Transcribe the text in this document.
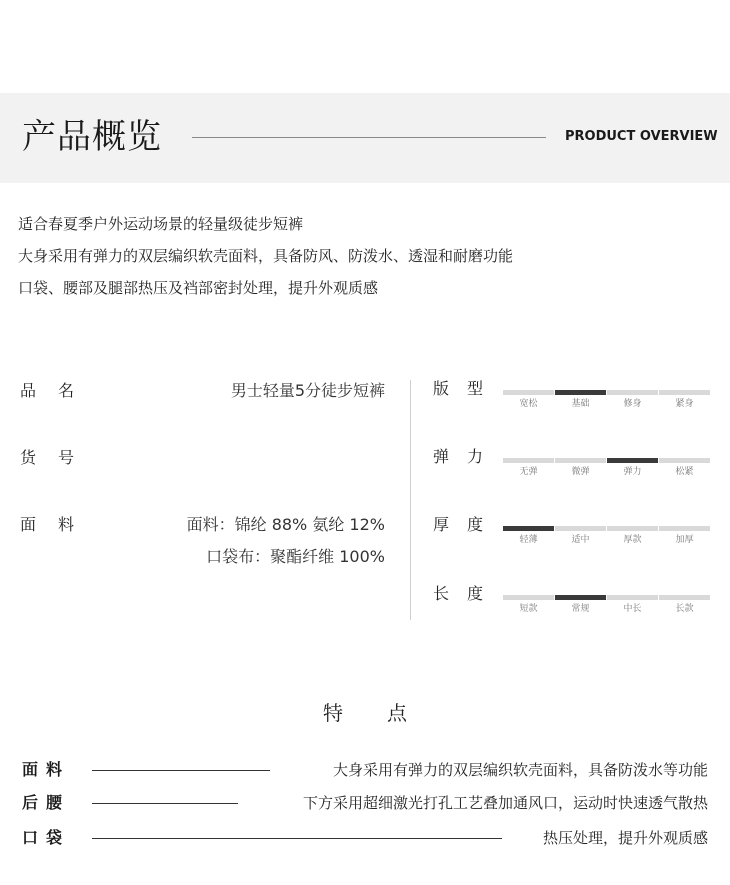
产品概览	PRODUCT OVERVIEW
适合春夏季户外运动场景的轻量级徒步短裤
大身采用有弹力的双层编织软壳面料，具备防风、防泼水、透湿和耐磨功能
口袋、腰部及腿部热压及裆部密封处理，提升外观质感
品名	男士轻量5分徒步短裤
货号
面料	面料：锦纶 88% 氨纶 12%
口袋布：聚酯纤维 100%
版型
宽松	基础	修身	紧身
弹力
无弹	微弹	弹力	松紧
厚度
轻薄	适中	厚款	加厚
长度
短款	常规	中长	长款
特点
面料	大身采用有弹力的双层编织软壳面料，具备防泼水等功能
后腰	下方采用超细激光打孔工艺叠加通风口，运动时快速透气散热
口袋	热压处理，提升外观质感
